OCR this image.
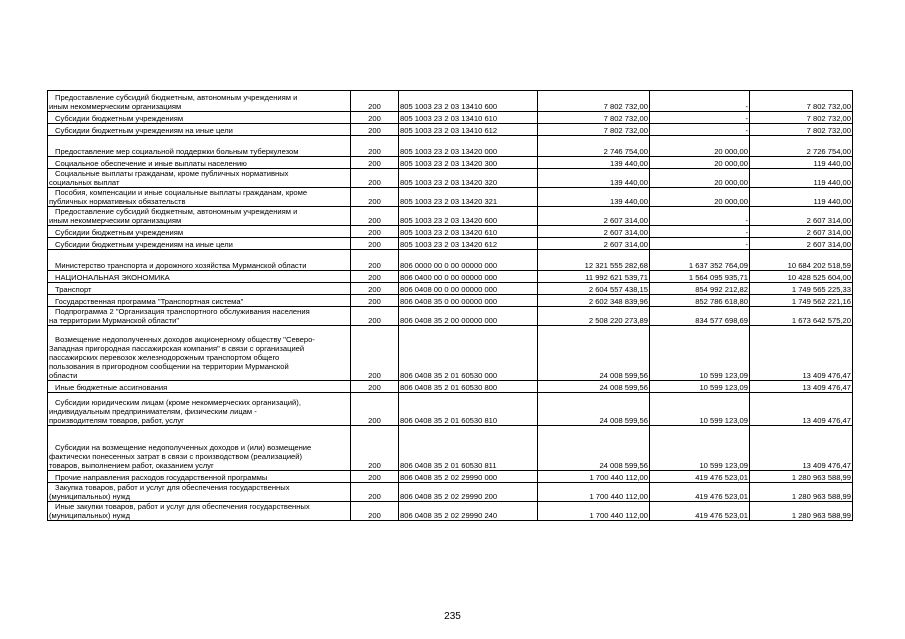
Предоставление субсидий бюджетным, автономным учреждениям и
иным некоммерческим организациям	200	805 1003 23 2 03 13410 600	7 802 732,00	-	7 802 732,00

Субсидии бюджетным учреждениям	200	805 1003 23 2 03 13410 610	7 802 732,00	-	7 802 732,00

Субсидии бюджетным учреждениям на иные цели	200	805 1003 23 2 03 13410 612	7 802 732,00	-	7 802 732,00

Предоставление мер социальной поддержки больным туберкулезом	200	805 1003 23 2 03 13420 000	2 746 754,00	20 000,00	2 726 754,00

Социальное обеспечение и иные выплаты населению	200	805 1003 23 2 03 13420 300	139 440,00	20 000,00	119 440,00

Социальные выплаты гражданам, кроме публичных нормативных
социальных выплат	200	805 1003 23 2 03 13420 320	139 440,00	20 000,00	119 440,00

Пособия, компенсации и иные социальные выплаты гражданам, кроме
публичных нормативных обязательств	200	805 1003 23 2 03 13420 321	139 440,00	20 000,00	119 440,00

Предоставление субсидий бюджетным, автономным учреждениям и
иным некоммерческим организациям	200	805 1003 23 2 03 13420 600	2 607 314,00	-	2 607 314,00

Субсидии бюджетным учреждениям	200	805 1003 23 2 03 13420 610	2 607 314,00	-	2 607 314,00

Субсидии бюджетным учреждениям на иные цели	200	805 1003 23 2 03 13420 612	2 607 314,00	-	2 607 314,00

Министерство транспорта и дорожного хозяйства Мурманской области	200	806 0000 00 0 00 00000 000	12 321 555 282,68	1 637 352 764,09	10 684 202 518,59

НАЦИОНАЛЬНАЯ ЭКОНОМИКА	200	806 0400 00 0 00 00000 000	11 992 621 539,71	1 564 095 935,71	10 428 525 604,00

Транспорт	200	806 0408 00 0 00 00000 000	2 604 557 438,15	854 992 212,82	1 749 565 225,33

Государственная программа "Транспортная система"	200	806 0408 35 0 00 00000 000	2 602 348 839,96	852 786 618,80	1 749 562 221,16

Подпрограмма 2 "Организация транспортного обслуживания населения
на территории Мурманской области"	200	806 0408 35 2 00 00000 000	2 508 220 273,89	834 577 698,69	1 673 642 575,20

Возмещение недополученных доходов акционерному обществу "Северо-
Западная пригородная пассажирская компания" в связи с организацией
пассажирских перевозок железнодорожным транспортом общего
пользования в пригородном сообщении на территории Мурманской
области	200	806 0408 35 2 01 60530 000	24 008 599,56	10 599 123,09	13 409 476,47

Иные бюджетные ассигнования	200	806 0408 35 2 01 60530 800	24 008 599,56	10 599 123,09	13 409 476,47

Субсидии юридическим лицам (кроме некоммерческих организаций),
индивидуальным предпринимателям, физическим лицам -
производителям товаров, работ, услуг	200	806 0408 35 2 01 60530 810	24 008 599,56	10 599 123,09	13 409 476,47

Субсидии на возмещение недополученных доходов и (или) возмещение
фактически понесенных затрат в связи с производством (реализацией)
товаров, выполнением работ, оказанием услуг	200	806 0408 35 2 01 60530 811	24 008 599,56	10 599 123,09	13 409 476,47

Прочие направления расходов государственной программы	200	806 0408 35 2 02 29990 000	1 700 440 112,00	419 476 523,01	1 280 963 588,99

Закупка товаров, работ и услуг для обеспечения государственных
(муниципальных) нужд	200	806 0408 35 2 02 29990 200	1 700 440 112,00	419 476 523,01	1 280 963 588,99

Иные закупки товаров, работ и услуг для обеспечения государственных
(муниципальных) нужд	200	806 0408 35 2 02 29990 240	1 700 440 112,00	419 476 523,01	1 280 963 588,99
235
